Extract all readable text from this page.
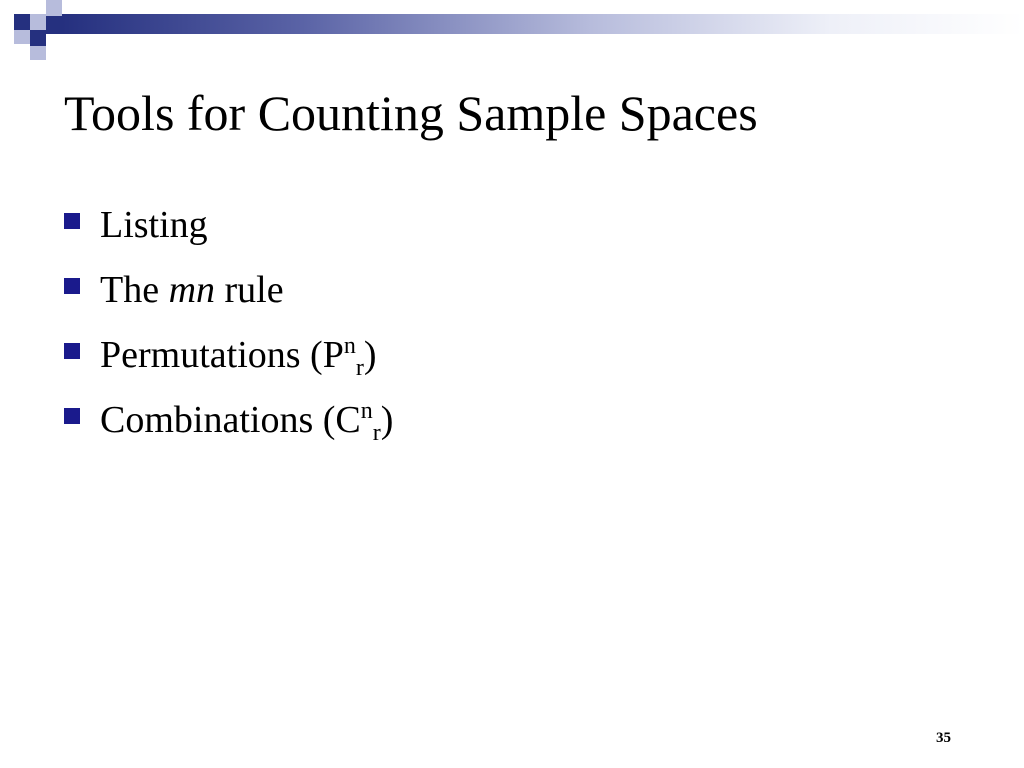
Tools for Counting Sample Spaces
Listing
The mn rule
Permutations $(P^n_r)$
Combinations $(C^n_r)$
35
